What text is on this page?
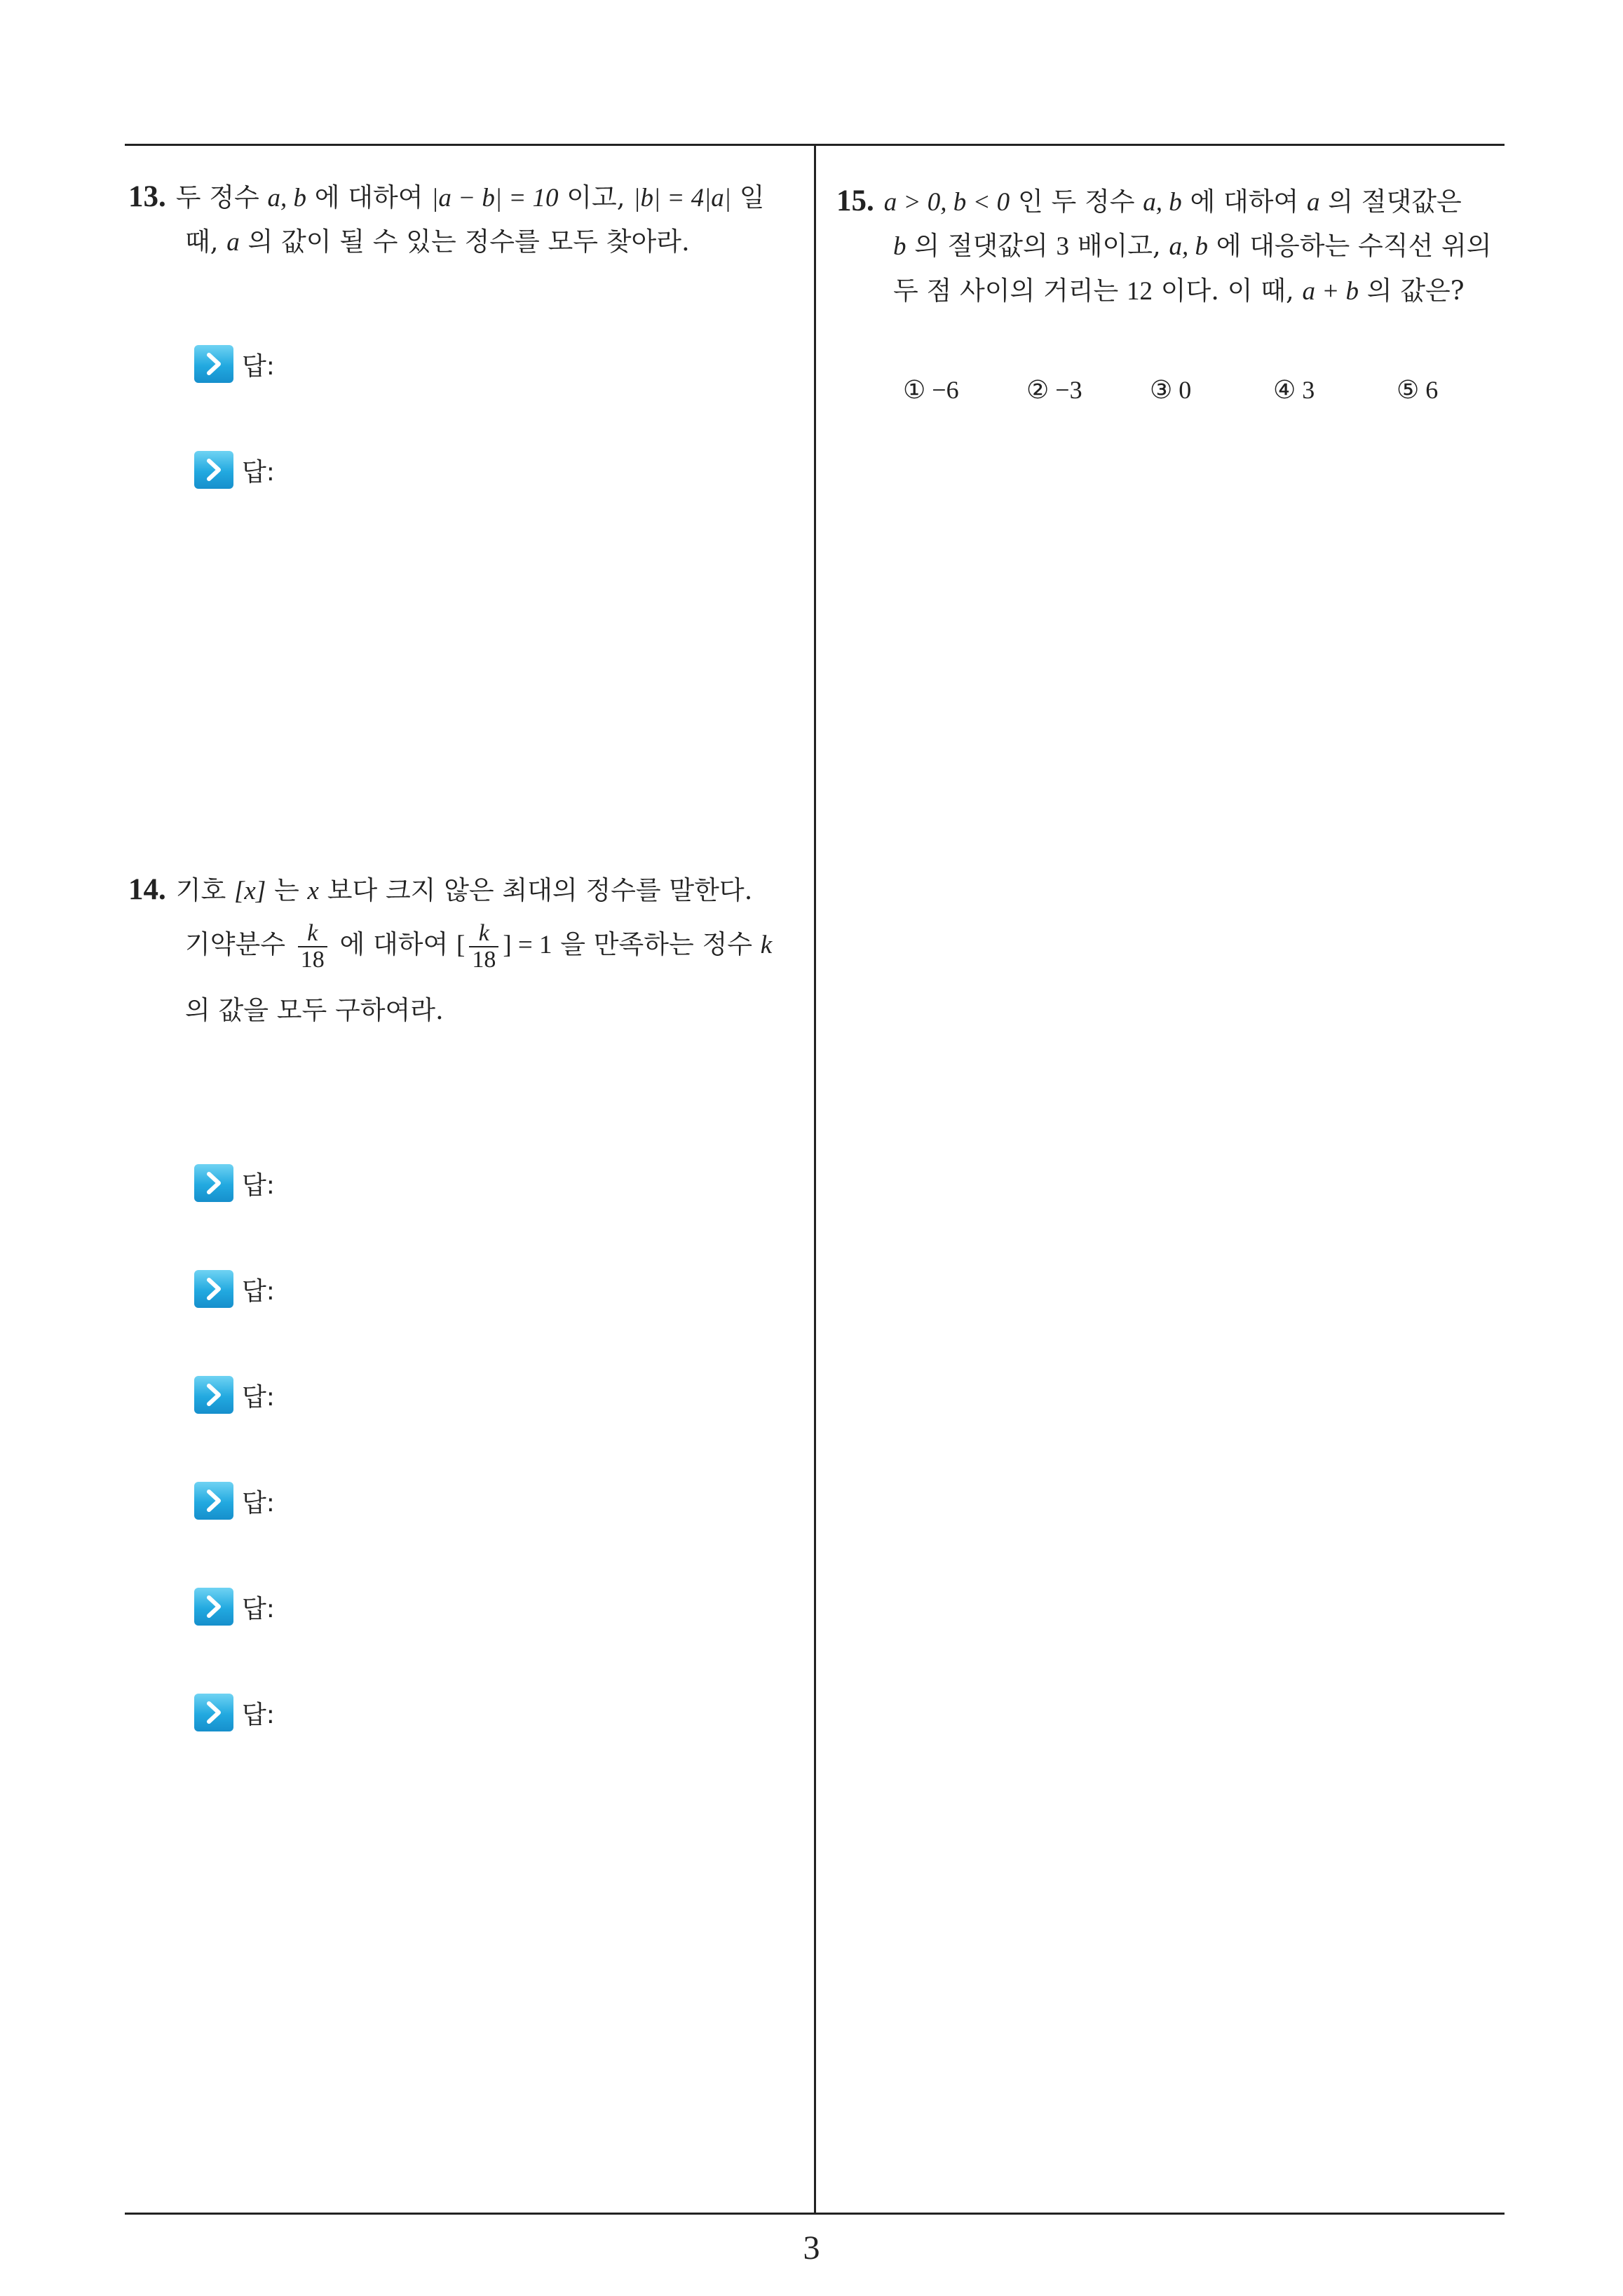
13. 두 정수 a, b 에 대하여 |a − b| = 10 이고, |b| = 4|a| 일
때, a 의 값이 될 수 있는 정수를 모두 찾아라.
답:
답:
14. 기호 [x] 는 x 보다 크지 않은 최대의 정수를 말한다.
기약분수 $\frac{k}{18}$ 에 대하여 [ $\frac{k}{18}$ ] = 1 을 만족하는 정수 k
의 값을 모두 구하여라.
답:
답:
답:
답:
답:
답:
15. a > 0, b < 0 인 두 정수 a, b 에 대하여 a 의 절댓값은
b 의 절댓값의 3 배이고, a, b 에 대응하는 수직선 위의
두 점 사이의 거리는 12 이다. 이 때, a + b 의 값은?
① −6	② −3	③ 0	④ 3	⑤ 6
3
